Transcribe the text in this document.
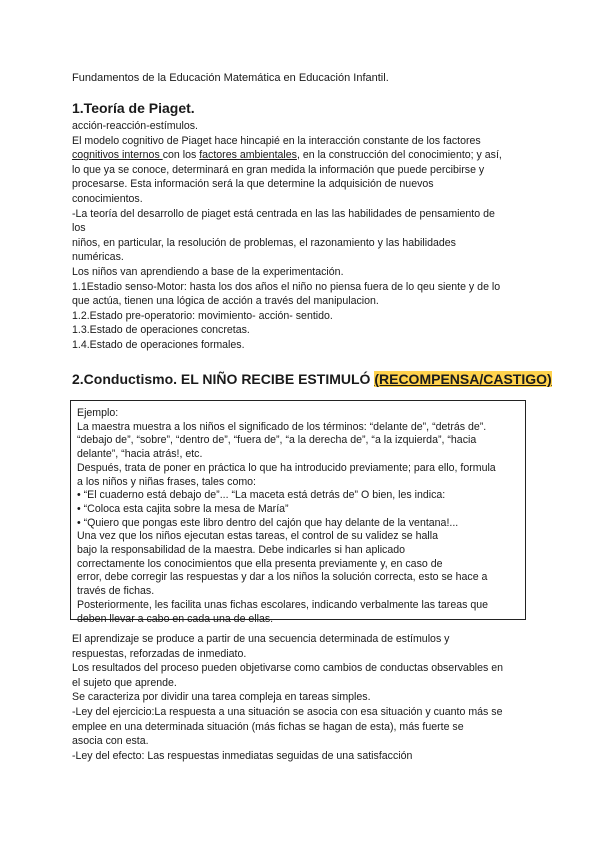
Fundamentos de la Educación Matemática en Educación Infantil.
1.Teoría de Piaget.
acción-reacción-estímulos.
El modelo cognitivo de Piaget hace hincapié en la interacción constante de los factores
cognitivos internos con los factores ambientales, en la construcción del conocimiento; y así,
lo que ya se conoce, determinará en gran medida la información que puede percibirse y
procesarse. Esta información será la que determine la adquisición de nuevos
conocimientos.
-La teoría del desarrollo de piaget está centrada en las las habilidades de pensamiento de
los
niños, en particular, la resolución de problemas, el razonamiento y las habilidades
numéricas.
Los niños van aprendiendo a base de la experimentación.
1.1Estadio senso-Motor: hasta los dos años el niño no piensa fuera de lo qeu siente y de lo
que actúa, tienen una lógica de acción a través del manipulacion.
1.2.Estado pre-operatorio: movimiento- acción- sentido.
1.3.Estado de operaciones concretas.
1.4.Estado de operaciones formales.
2.Conductismo. EL NIÑO RECIBE ESTIMULÓ (RECOMPENSA/CASTIGO)
Ejemplo:
La maestra muestra a los niños el significado de los términos: “delante de”, “detrás de”.
“debajo de”, “sobre”, “dentro de”, “fuera de”, “a la derecha de”, “a la izquierda”, “hacia
delante”, “hacia atrás!, etc.
Después, trata de poner en práctica lo que ha introducido previamente; para ello, formula
a los niños y niñas frases, tales como:
• “El cuaderno está debajo de”... “La maceta está detrás de” O bien, les indica:
• “Coloca esta cajita sobre la mesa de María”
• “Quiero que pongas este libro dentro del cajón que hay delante de la ventana!...
Una vez que los niños ejecutan estas tareas, el control de su validez se halla
bajo la responsabilidad de la maestra. Debe indicarles si han aplicado
correctamente los conocimientos que ella presenta previamente y, en caso de
error, debe corregir las respuestas y dar a los niños la solución correcta, esto se hace a
través de fichas.
Posteriormente, les facilita unas fichas escolares, indicando verbalmente las tareas que
deben llevar a cabo en cada una de ellas.
El aprendizaje se produce a partir de una secuencia determinada de estímulos y
respuestas, reforzadas de inmediato.
Los resultados del proceso pueden objetivarse como cambios de conductas observables en
el sujeto que aprende.
Se caracteriza por dividir una tarea compleja en tareas simples.
-Ley del ejercicio:La respuesta a una situación se asocia con esa situación y cuanto más se
emplee en una determinada situación (más fichas se hagan de esta), más fuerte se
asocia con esta.
-Ley del efecto: Las respuestas inmediatas seguidas de una satisfacción
